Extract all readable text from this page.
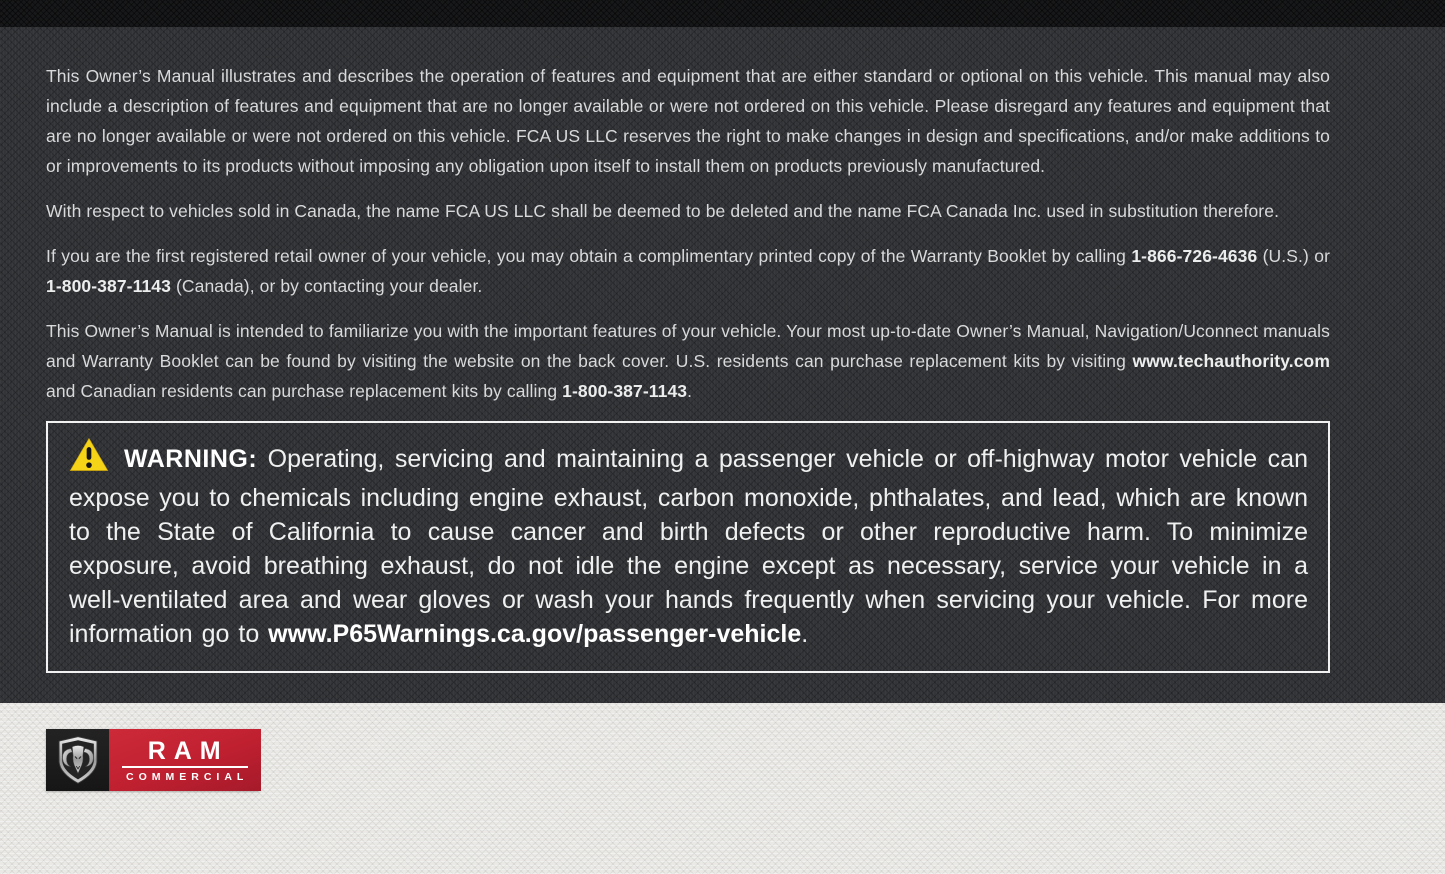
This Owner’s Manual illustrates and describes the operation of features and equipment that are either standard or optional on this vehicle. This manual may also include a description of features and equipment that are no longer available or were not ordered on this vehicle. Please disregard any features and equipment that are no longer available or were not ordered on this vehicle. FCA US LLC reserves the right to make changes in design and specifications, and/or make additions to or improvements to its products without imposing any obligation upon itself to install them on products previously manufactured.

With respect to vehicles sold in Canada, the name FCA US LLC shall be deemed to be deleted and the name FCA Canada Inc. used in substitution therefore.

If you are the first registered retail owner of your vehicle, you may obtain a complimentary printed copy of the Warranty Booklet by calling 1-866-726-4636 (U.S.) or 1-800-387-1143 (Canada), or by contacting your dealer.

This Owner’s Manual is intended to familiarize you with the important features of your vehicle. Your most up-to-date Owner’s Manual, Navigation/Uconnect manuals and Warranty Booklet can be found by visiting the website on the back cover. U.S. residents can purchase replacement kits by visiting www.techauthority.com and Canadian residents can purchase replacement kits by calling 1-800-387-1143.

WARNING: Operating, servicing and maintaining a passenger vehicle or off-highway motor vehicle can expose you to chemicals including engine exhaust, carbon monoxide, phthalates, and lead, which are known to the State of California to cause cancer and birth defects or other reproductive harm. To minimize exposure, avoid breathing exhaust, do not idle the engine except as necessary, service your vehicle in a well-ventilated area and wear gloves or wash your hands frequently when servicing your vehicle. For more information go to www.P65Warnings.ca.gov/passenger-vehicle.
RAM
COMMERCIAL
